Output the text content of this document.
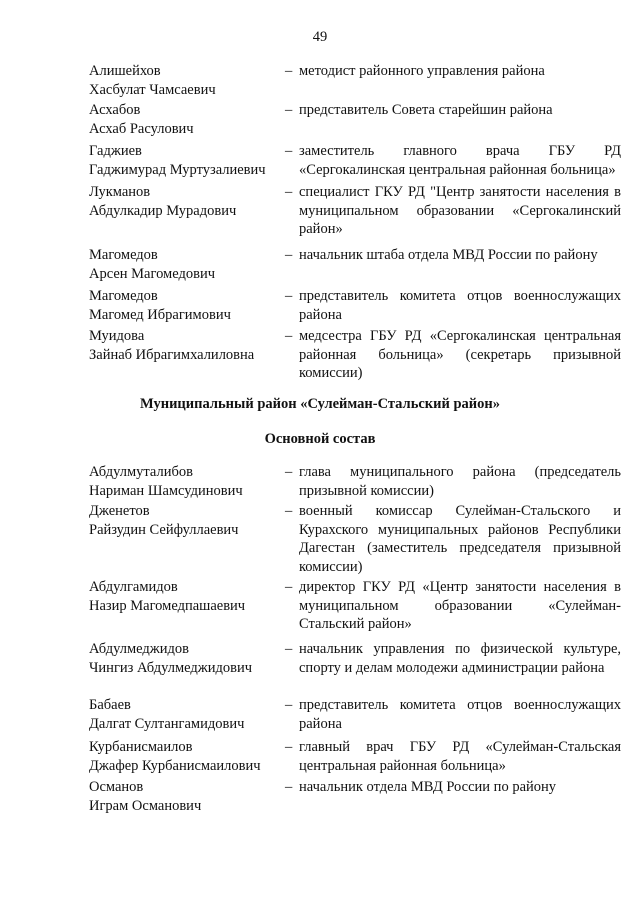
49
Алишейхов
Хасбулат Чамсаевич
– методист районного управления района
Асхабов
Асхаб Расулович
– представитель Совета старейшин района
Гаджиев
Гаджимурад Муртузалиевич
– заместитель главного врача ГБУ РД «Сергокалинская центральная районная больница»
Лукманов
Абдулкадир Мурадович
– специалист ГКУ РД "Центр занятости населения в муниципальном образовании «Сергокалинский район»
Магомедов
Арсен Магомедович
– начальник штаба отдела МВД России по району
Магомедов
Магомед Ибрагимович
– представитель комитета отцов военнослужащих района
Муидова
Зайнаб Ибрагимхалиловна
– медсестра ГБУ РД «Сергокалинская центральная районная больница» (секретарь призывной комиссии)
Муниципальный район «Сулейман-Стальский район»
Основной состав
Абдулмуталибов
Нариман Шамсудинович
– глава муниципального района (председатель призывной комиссии)
Дженетов
Райзудин Сейфуллаевич
– военный комиссар Сулейман-Стальского и Курахского муниципальных районов Республики Дагестан (заместитель председателя призывной комиссии)
Абдулгамидов
Назир Магомедпашаевич
– директор ГКУ РД «Центр занятости населения в муниципальном образовании «Сулейман-Стальский район»
Абдулмеджидов
Чингиз Абдулмеджидович
– начальник управления по физической культуре, спорту и делам молодежи администрации района
Бабаев
Далгат Султангамидович
– представитель комитета отцов военнослужащих района
Курбанисмаилов
Джафер Курбанисмаилович
– главный врач ГБУ РД «Сулейман-Стальская центральная районная больница»
Османов
Играм Османович
– начальник отдела МВД России по району
